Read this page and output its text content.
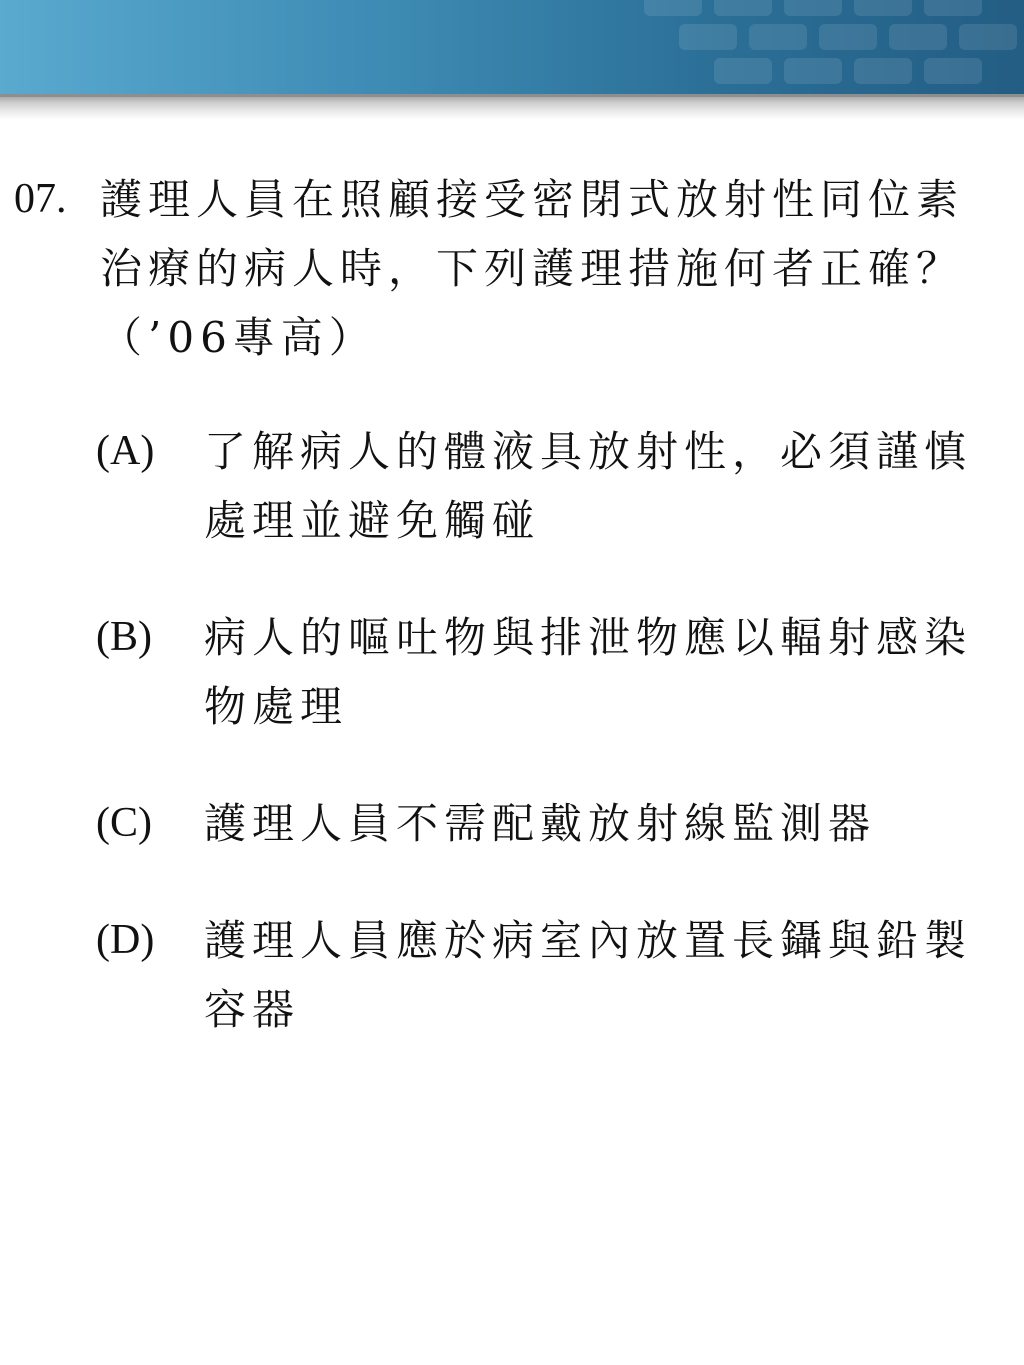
07. 護理人員在照顧接受密閉式放射性同位素治療的病人時，下列護理措施何者正確？（’06專高）
(A) 了解病人的體液具放射性，必須謹慎處理並避免觸碰
(B) 病人的嘔吐物與排泄物應以輻射感染物處理
(C) 護理人員不需配戴放射線監測器
(D) 護理人員應於病室內放置長鑷與鉛製容器
